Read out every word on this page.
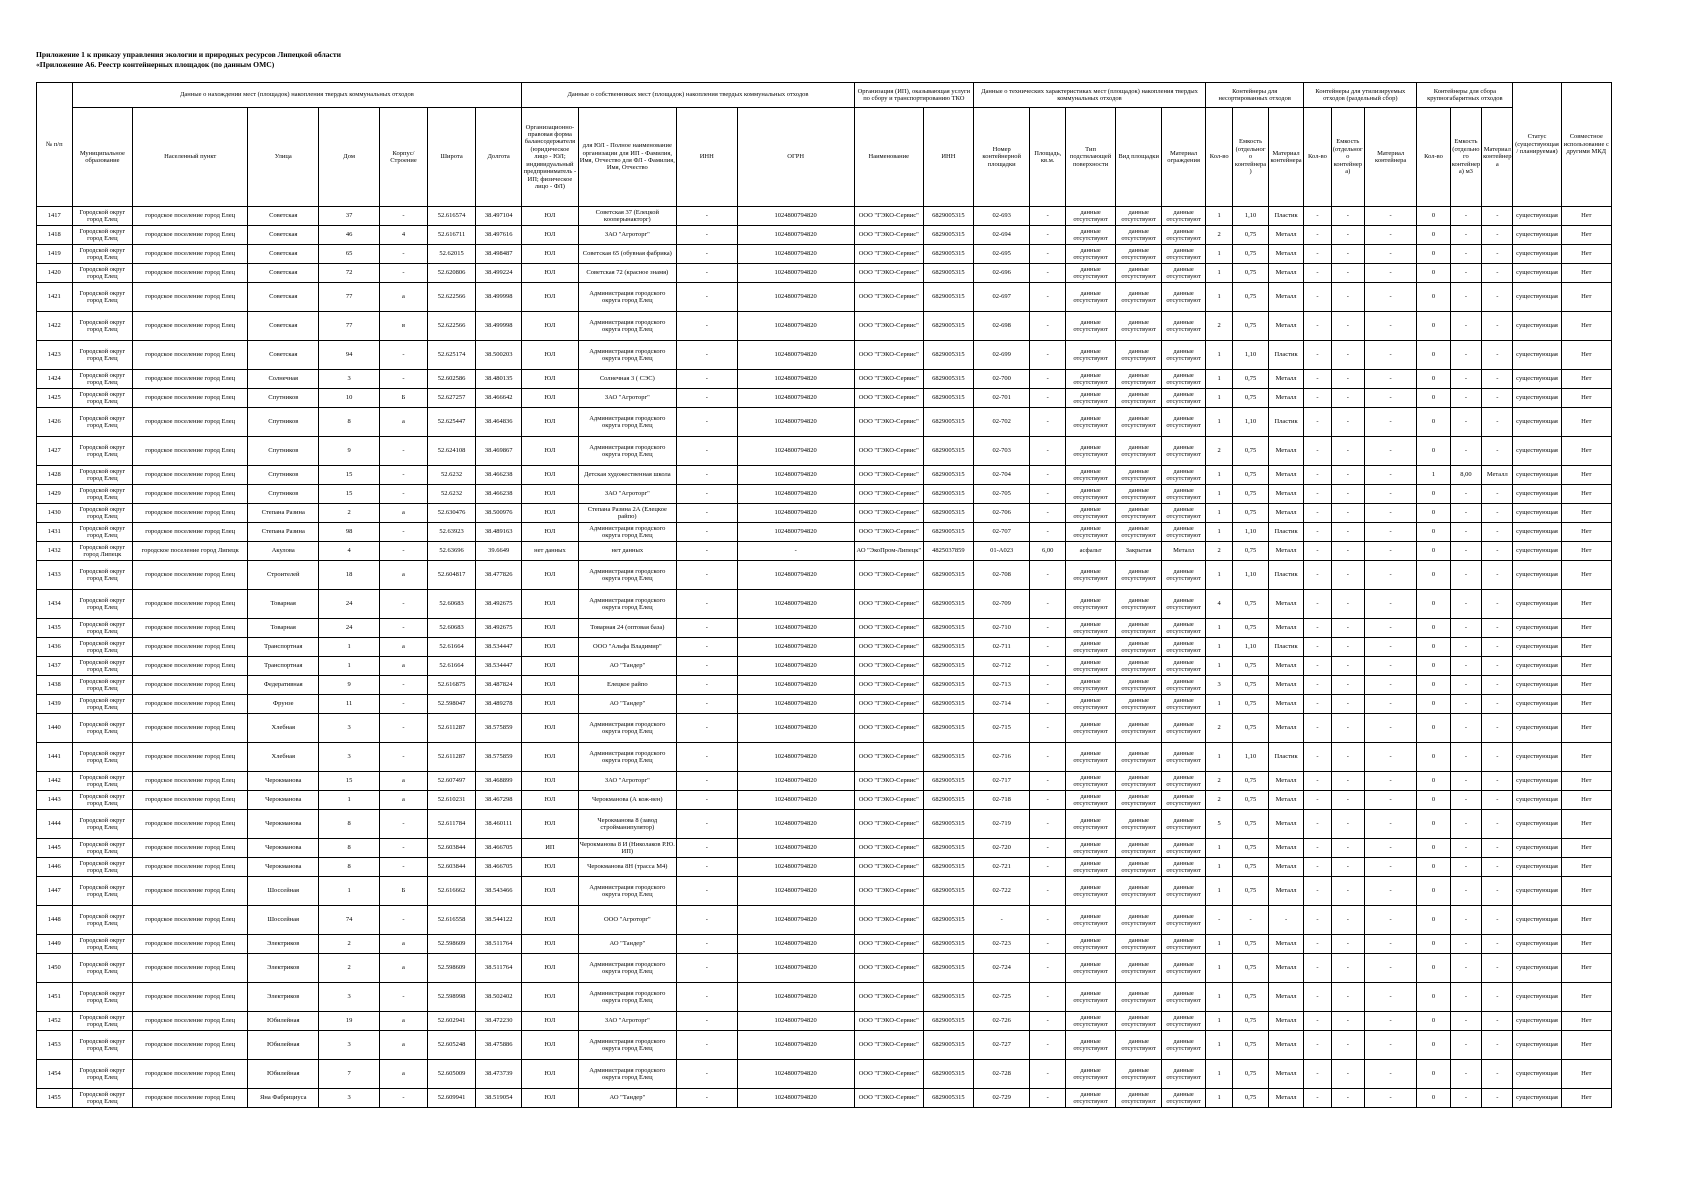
Приложение 1 к приказу управления экологии и природных ресурсов Липецкой области
«Приложение А6. Реестр контейнерных площадок (по данным ОМС)
№ п/п	Данные о нахождении мест (площадок) накопления твердых коммунальных отходов							Данные о собственниках мест (площадок) накопления твердых коммунальных отходов				Организация (ИП), оказывающая услуги по сбору и транспортированию ТКО		Данные о технических характеристиках мест (площадок) накопления твердых коммунальных отходов					Контейнеры для несортированных отходов			Контейнеры для утилизируемых отходов (раздельный сбор)			Контейнеры для сбора крупногабаритных отходов			Статус (существующая/ планируемая)	Совместное использование с другими МКД
	Муниципальное образование	Населенный пункт	Улица	Дом	Корпус/Строение	Широта	Долгота	Организационно-правовая форма балансодержателя (юридическое лицо - ЮЛ; индивидуальный предприниматель - ИП; физическое лицо - ФЛ)	для ЮЛ - Полное наименование организации для ИП - Фамилия, Имя, Отчество для ФЛ - Фамилия, Имя, Отчество	ИНН	ОГРН	Наименование	ИНН	Номер контейнерной площадки	Площадь, кв.м.	Тип подстилающей поверхности	Вид площадки	Материал ограждения	Кол-во	Емкость (отдельного контейнера)	Материал контейнера	Кол-во	Емкость (отдельного контейнера)	Материал контейнера	Кол-во	Емкость (отдельного контейнера) м3	Материал контейнера		
1417	Городской округ город Елец	городское поселение город Елец	Советская	37	-	52.616574	38.497104	ЮЛ	Советская 37 (Елецкой кооперынакторг)	-	1024800794820	ООО "ГЭКО-Сервис"	6829005315	02-693	-	данные отсутствуют	данные отсутствуют	данные отсутствуют	1	1,10	Пластик	-	-	-	0	-	-	существующая	Нет
1418	Городской округ город Елец	городское поселение город Елец	Советская	46	4	52.616711	38.497616	ЮЛ	ЗАО "Агроторг"	-	1024800794820	ООО "ГЭКО-Сервис"	6829005315	02-694	-	данные отсутствуют	данные отсутствуют	данные отсутствуют	2	0,75	Металл	-	-	-	0	-	-	существующая	Нет
1419	Городской округ город Елец	городское поселение город Елец	Советская	65	-	52.62015	38.498487	ЮЛ	Советская 65 (обувная фабрика)	-	1024800794820	ООО "ГЭКО-Сервис"	6829005315	02-695	-	данные отсутствуют	данные отсутствуют	данные отсутствуют	1	0,75	Металл	-	-	-	0	-	-	существующая	Нет
1420	Городской округ город Елец	городское поселение город Елец	Советская	72	-	52.620806	38.499224	ЮЛ	Советская 72 (красное знамя)	-	1024800794820	ООО "ГЭКО-Сервис"	6829005315	02-696	-	данные отсутствуют	данные отсутствуют	данные отсутствуют	1	0,75	Металл	-	-	-	0	-	-	существующая	Нет
1421	Городской округ город Елец	городское поселение город Елец	Советская	77	а	52.622566	38.499998	ЮЛ	Администрация городского округа город Елец	-	1024800794820	ООО "ГЭКО-Сервис"	6829005315	02-697	-	данные отсутствуют	данные отсутствуют	данные отсутствуют	1	0,75	Металл	-	-	-	0	-	-	существующая	Нет
1422	Городской округ город Елец	городское поселение город Елец	Советская	77	в	52.622566	38.499998	ЮЛ	Администрация городского округа город Елец	-	1024800794820	ООО "ГЭКО-Сервис"	6829005315	02-698	-	данные отсутствуют	данные отсутствуют	данные отсутствуют	2	0,75	Металл	-	-	-	0	-	-	существующая	Нет
1423	Городской округ город Елец	городское поселение город Елец	Советская	94	-	52.625174	38.500203	ЮЛ	Администрация городского округа город Елец	-	1024800794820	ООО "ГЭКО-Сервис"	6829005315	02-699	-	данные отсутствуют	данные отсутствуют	данные отсутствуют	1	1,10	Пластик	-	-	-	0	-	-	существующая	Нет
1424	Городской округ город Елец	городское поселение город Елец	Солнечная	3	-	52.602586	38.480135	ЮЛ	Солнечная 3 ( СЭС)	-	1024800794820	ООО "ГЭКО-Сервис"	6829005315	02-700	-	данные отсутствуют	данные отсутствуют	данные отсутствуют	1	0,75	Металл	-	-	-	0	-	-	существующая	Нет
1425	Городской округ город Елец	городское поселение город Елец	Спутников	10	Б	52.627257	38.466642	ЮЛ	ЗАО "Агроторг"	-	1024800794820	ООО "ГЭКО-Сервис"	6829005315	02-701	-	данные отсутствуют	данные отсутствуют	данные отсутствуют	1	0,75	Металл	-	-	-	0	-	-	существующая	Нет
1426	Городской округ город Елец	городское поселение город Елец	Спутников	8	а	52.625447	38.464836	ЮЛ	Администрация городского округа город Елец	-	1024800794820	ООО "ГЭКО-Сервис"	6829005315	02-702	-	данные отсутствуют	данные отсутствуют	данные отсутствуют	1	1,10	Пластик	-	-	-	0	-	-	существующая	Нет
1427	Городской округ город Елец	городское поселение город Елец	Спутников	9	-	52.624108	38.469867	ЮЛ	Администрация городского округа город Елец	-	1024800794820	ООО "ГЭКО-Сервис"	6829005315	02-703	-	данные отсутствуют	данные отсутствуют	данные отсутствуют	2	0,75	Металл	-	-	-	0	-	-	существующая	Нет
1428	Городской округ город Елец	городское поселение город Елец	Спутников	15	-	52.6232	38.466238	ЮЛ	Детская художественная школа	-	1024800794820	ООО "ГЭКО-Сервис"	6829005315	02-704	-	данные отсутствуют	данные отсутствуют	данные отсутствуют	1	0,75	Металл	-	-	-	1	8,00	Металл	существующая	Нет
1429	Городской округ город Елец	городское поселение город Елец	Спутников	15	-	52.6232	38.466238	ЮЛ	ЗАО "Агроторг"	-	1024800794820	ООО "ГЭКО-Сервис"	6829005315	02-705	-	данные отсутствуют	данные отсутствуют	данные отсутствуют	1	0,75	Металл	-	-	-	0	-	-	существующая	Нет
1430	Городской округ город Елец	городское поселение город Елец	Степана Разина	2	а	52.630476	38.500976	ЮЛ	Степана Разина 2А (Елецкое райпо)	-	1024800794820	ООО "ГЭКО-Сервис"	6829005315	02-706	-	данные отсутствуют	данные отсутствуют	данные отсутствуют	1	0,75	Металл	-	-	-	0	-	-	существующая	Нет
1431	Городской округ город Елец	городское поселение город Елец	Степана Разина	98	-	52.63923	38.489163	ЮЛ	Администрация городского округа город Елец	-	1024800794820	ООО "ГЭКО-Сервис"	6829005315	02-707	-	данные отсутствуют	данные отсутствуют	данные отсутствуют	1	1,10	Пластик	-	-	-	0	-	-	существующая	Нет
1432	Городской округ город Липецк	городское поселение город Липецк	Акулова	4	-	52.63696	39.6649	нет данных	нет данных	-	-	АО "ЭкоПром-Липецк"	4825037859	01-А023	6,00	асфальт	Закрытая	Металл	2	0,75	Металл	-	-	-	0	-	-	существующая	Нет
1433	Городской округ город Елец	городское поселение город Елец	Строителей	18	а	52.604817	38.477826	ЮЛ	Администрация городского округа город Елец	-	1024800794820	ООО "ГЭКО-Сервис"	6829005315	02-708	-	данные отсутствуют	данные отсутствуют	данные отсутствуют	1	1,10	Пластик	-	-	-	0	-	-	существующая	Нет
1434	Городской округ город Елец	городское поселение город Елец	Товарная	24	-	52.60683	38.492675	ЮЛ	Администрация городского округа город Елец	-	1024800794820	ООО "ГЭКО-Сервис"	6829005315	02-709	-	данные отсутствуют	данные отсутствуют	данные отсутствуют	4	0,75	Металл	-	-	-	0	-	-	существующая	Нет
1435	Городской округ город Елец	городское поселение город Елец	Товарная	24	-	52.60683	38.492675	ЮЛ	Товарная 24 (оптовая база)	-	1024800794820	ООО "ГЭКО-Сервис"	6829005315	02-710	-	данные отсутствуют	данные отсутствуют	данные отсутствуют	1	0,75	Металл	-	-	-	0	-	-	существующая	Нет
1436	Городской округ город Елец	городское поселение город Елец	Транспортная	1	а	52.61664	38.534447	ЮЛ	ООО "Альфа Владимир"	-	1024800794820	ООО "ГЭКО-Сервис"	6829005315	02-711	-	данные отсутствуют	данные отсутствуют	данные отсутствуют	1	1,10	Пластик	-	-	-	0	-	-	существующая	Нет
1437	Городской округ город Елец	городское поселение город Елец	Транспортная	1	а	52.61664	38.534447	ЮЛ	АО "Тандер"	-	1024800794820	ООО "ГЭКО-Сервис"	6829005315	02-712	-	данные отсутствуют	данные отсутствуют	данные отсутствуют	1	0,75	Металл	-	-	-	0	-	-	существующая	Нет
1438	Городской округ город Елец	городское поселение город Елец	Федеративная	9	-	52.616875	38.487824	ЮЛ	Елецкое райпо	-	1024800794820	ООО "ГЭКО-Сервис"	6829005315	02-713	-	данные отсутствуют	данные отсутствуют	данные отсутствуют	3	0,75	Металл	-	-	-	0	-	-	существующая	Нет
1439	Городской округ город Елец	городское поселение город Елец	Фрунзе	11	-	52.598047	38.489278	ЮЛ	АО "Тандер"	-	1024800794820	ООО "ГЭКО-Сервис"	6829005315	02-714	-	данные отсутствуют	данные отсутствуют	данные отсутствуют	1	0,75	Металл	-	-	-	0	-	-	существующая	Нет
1440	Городской округ город Елец	городское поселение город Елец	Хлебная	3	-	52.611287	38.575859	ЮЛ	Администрация городского округа город Елец	-	1024800794820	ООО "ГЭКО-Сервис"	6829005315	02-715	-	данные отсутствуют	данные отсутствуют	данные отсутствуют	2	0,75	Металл	-	-	-	0	-	-	существующая	Нет
1441	Городской округ город Елец	городское поселение город Елец	Хлебная	3	-	52.611287	38.575859	ЮЛ	Администрация городского округа город Елец	-	1024800794820	ООО "ГЭКО-Сервис"	6829005315	02-716	-	данные отсутствуют	данные отсутствуют	данные отсутствуют	1	1,10	Пластик	-	-	-	0	-	-	существующая	Нет
1442	Городской округ город Елец	городское поселение город Елец	Черокманова	15	а	52.607497	38.468899	ЮЛ	ЗАО "Агроторг"	-	1024800794820	ООО "ГЭКО-Сервис"	6829005315	02-717	-	данные отсутствуют	данные отсутствуют	данные отсутствуют	2	0,75	Металл	-	-	-	0	-	-	существующая	Нет
1443	Городской округ город Елец	городское поселение город Елец	Черокманова	1	а	52.610231	38.467298	ЮЛ	Черокманова (А кож-вен)	-	1024800794820	ООО "ГЭКО-Сервис"	6829005315	02-718	-	данные отсутствуют	данные отсутствуют	данные отсутствуют	2	0,75	Металл	-	-	-	0	-	-	существующая	Нет
1444	Городской округ город Елец	городское поселение город Елец	Черокманова	8	-	52.611784	38.460111	ЮЛ	Черокманова 8 (завод стройманипулятор)	-	1024800794820	ООО "ГЭКО-Сервис"	6829005315	02-719	-	данные отсутствуют	данные отсутствуют	данные отсутствуют	5	0,75	Металл	-	-	-	0	-	-	существующая	Нет
1445	Городской округ город Елец	городское поселение город Елец	Черокманова	8	-	52.603844	38.466705	ИП	Черокманова 8 И (Николаков Р.Ю. ИП)	-	1024800794820	ООО "ГЭКО-Сервис"	6829005315	02-720	-	данные отсутствуют	данные отсутствуют	данные отсутствуют	1	0,75	Металл	-	-	-	0	-	-	существующая	Нет
1446	Городской округ город Елец	городское поселение город Елец	Черокманова	8	-	52.603844	38.466705	ЮЛ	Черокманова 8Н (трасса М4)	-	1024800794820	ООО "ГЭКО-Сервис"	6829005315	02-721	-	данные отсутствуют	данные отсутствуют	данные отсутствуют	1	0,75	Металл	-	-	-	0	-	-	существующая	Нет
1447	Городской округ город Елец	городское поселение город Елец	Шоссейная	1	Б	52.616662	38.543466	ЮЛ	Администрация городского округа город Елец	-	1024800794820	ООО "ГЭКО-Сервис"	6829005315	02-722	-	данные отсутствуют	данные отсутствуют	данные отсутствуют	1	0,75	Металл	-	-	-	0	-	-	существующая	Нет
1448	Городской округ город Елец	городское поселение город Елец	Шоссейная	74	-	52.616558	38.544122	ЮЛ	ООО "Агроторг"	-	1024800794820	ООО "ГЭКО-Сервис"	6829005315	-	-	данные отсутствуют	данные отсутствуют	данные отсутствуют	-	-	-	-	-	-	0	-	-	существующая	Нет
1449	Городской округ город Елец	городское поселение город Елец	Электриков	2	а	52.598609	38.511764	ЮЛ	АО "Тандер"	-	1024800794820	ООО "ГЭКО-Сервис"	6829005315	02-723	-	данные отсутствуют	данные отсутствуют	данные отсутствуют	1	0,75	Металл	-	-	-	0	-	-	существующая	Нет
1450	Городской округ город Елец	городское поселение город Елец	Электриков	2	а	52.598609	38.511764	ЮЛ	Администрация городского округа город Елец	-	1024800794820	ООО "ГЭКО-Сервис"	6829005315	02-724	-	данные отсутствуют	данные отсутствуют	данные отсутствуют	1	0,75	Металл	-	-	-	0	-	-	существующая	Нет
1451	Городской округ город Елец	городское поселение город Елец	Электриков	3	-	52.598998	38.502402	ЮЛ	Администрация городского округа город Елец	-	1024800794820	ООО "ГЭКО-Сервис"	6829005315	02-725	-	данные отсутствуют	данные отсутствуют	данные отсутствуют	1	0,75	Металл	-	-	-	0	-	-	существующая	Нет
1452	Городской округ город Елец	городское поселение город Елец	Юбилейная	19	а	52.602941	38.472230	ЮЛ	ЗАО "Агроторг"	-	1024800794820	ООО "ГЭКО-Сервис"	6829005315	02-726	-	данные отсутствуют	данные отсутствуют	данные отсутствуют	1	0,75	Металл	-	-	-	0	-	-	существующая	Нет
1453	Городской округ город Елец	городское поселение город Елец	Юбилейная	3	а	52.605248	38.475886	ЮЛ	Администрация городского округа город Елец	-	1024800794820	ООО "ГЭКО-Сервис"	6829005315	02-727	-	данные отсутствуют	данные отсутствуют	данные отсутствуют	1	0,75	Металл	-	-	-	0	-	-	существующая	Нет
1454	Городской округ город Елец	городское поселение город Елец	Юбилейная	7	а	52.605009	38.473739	ЮЛ	Администрация городского округа город Елец	-	1024800794820	ООО "ГЭКО-Сервис"	6829005315	02-728	-	данные отсутствуют	данные отсутствуют	данные отсутствуют	1	0,75	Металл	-	-	-	0	-	-	существующая	Нет
1455	Городской округ город Елец	городское поселение город Елец	Яна Фабрициуса	3	-	52.609941	38.519054	ЮЛ	АО "Тандер"	-	1024800794820	ООО "ГЭКО-Сервис"	6829005315	02-729	-	данные отсутствуют	данные отсутствуют	данные отсутствуют	1	0,75	Металл	-	-	-	0	-	-	существующая	Нет
